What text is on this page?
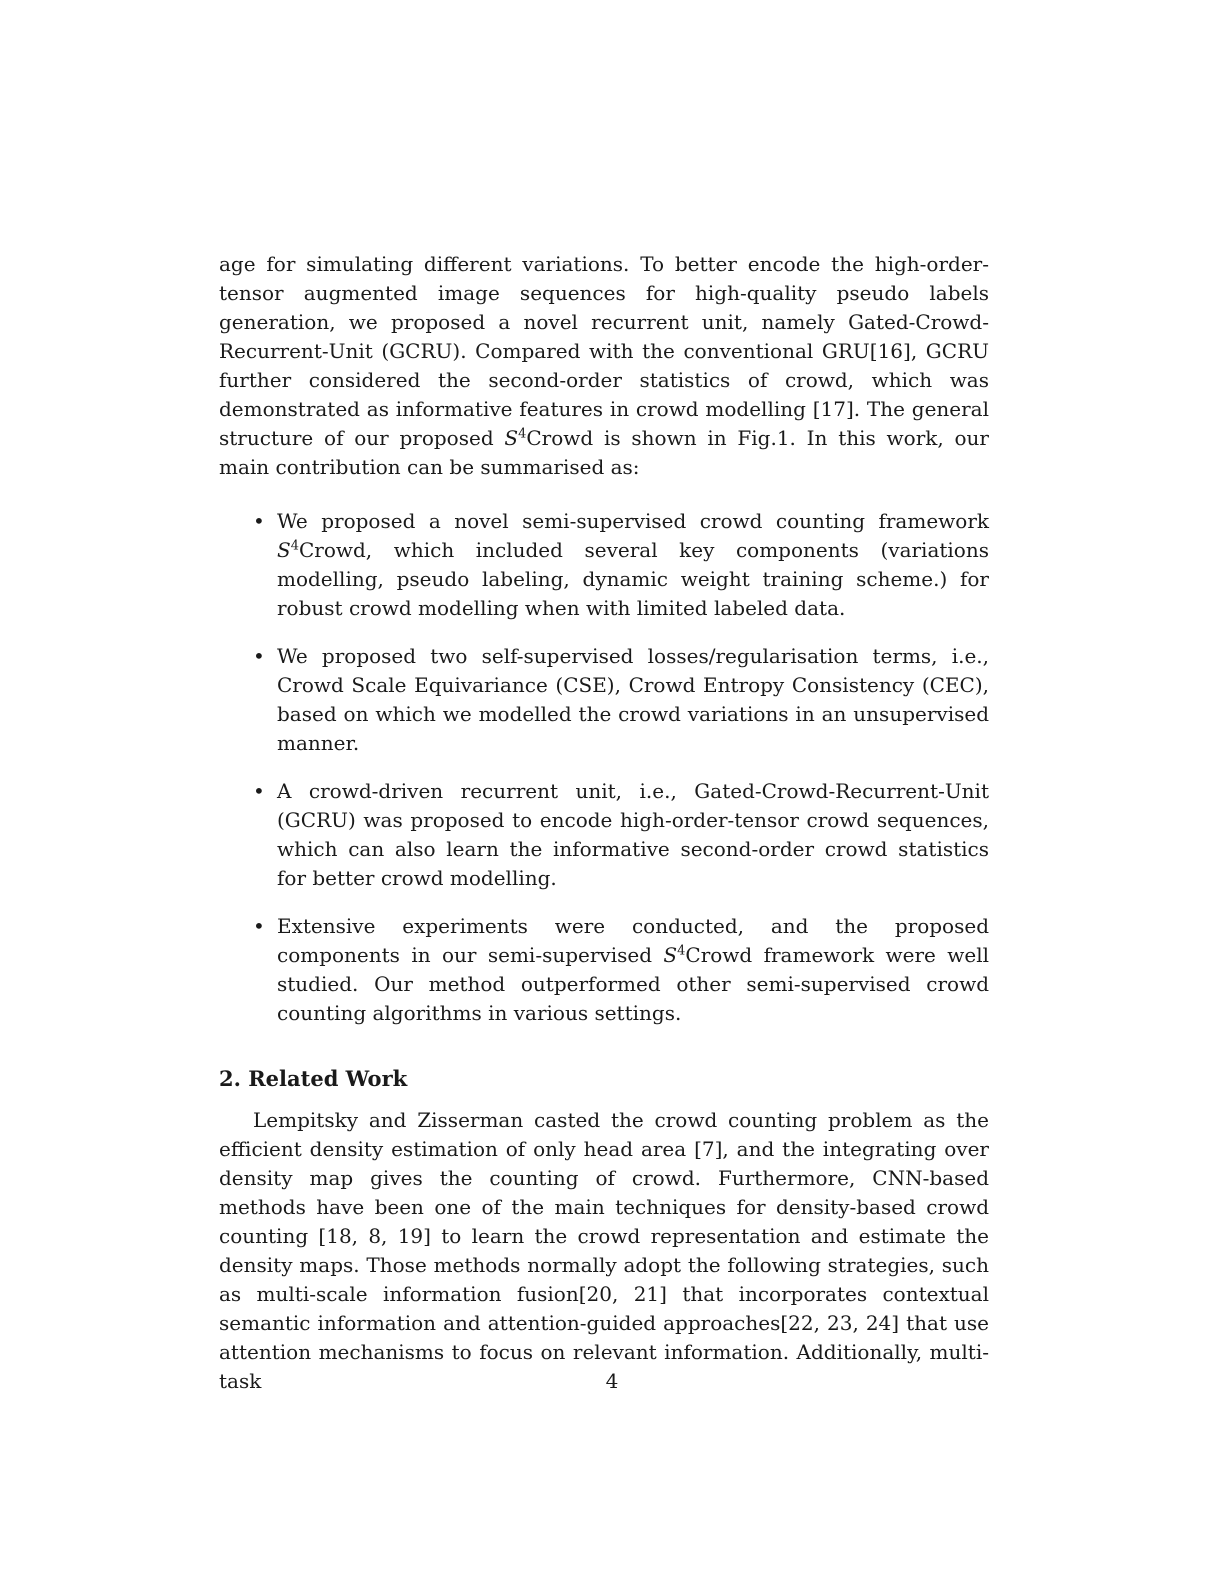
age for simulating different variations. To better encode the high-order-tensor augmented image sequences for high-quality pseudo labels generation, we proposed a novel recurrent unit, namely Gated-Crowd-Recurrent-Unit (GCRU). Compared with the conventional GRU[16], GCRU further considered the second-order statistics of crowd, which was demonstrated as informative features in crowd modelling [17]. The general structure of our proposed $S^4Crowd$ is shown in Fig.1. In this work, our main contribution can be summarised as:

• We proposed a novel semi-supervised crowd counting framework $S^4Crowd$, which included several key components (variations modelling, pseudo labeling, dynamic weight training scheme.) for robust crowd modelling when with limited labeled data.
• We proposed two self-supervised losses/regularisation terms, i.e., Crowd Scale Equivariance (CSE), Crowd Entropy Consistency (CEC), based on which we modelled the crowd variations in an unsupervised manner.
• A crowd-driven recurrent unit, i.e., Gated-Crowd-Recurrent-Unit (GCRU) was proposed to encode high-order-tensor crowd sequences, which can also learn the informative second-order crowd statistics for better crowd modelling.
• Extensive experiments were conducted, and the proposed components in our semi-supervised $S^4Crowd$ framework were well studied. Our method outperformed other semi-supervised crowd counting algorithms in various settings.
2. Related Work

Lempitsky and Zisserman casted the crowd counting problem as the efficient density estimation of only head area [7], and the integrating over density map gives the counting of crowd. Furthermore, CNN-based methods have been one of the main techniques for density-based crowd counting [18, 8, 19] to learn the crowd representation and estimate the density maps. Those methods normally adopt the following strategies, such as multi-scale information fusion[20, 21] that incorporates contextual semantic information and attention-guided approaches[22, 23, 24] that use attention mechanisms to focus on relevant information. Additionally, multi-task	4
